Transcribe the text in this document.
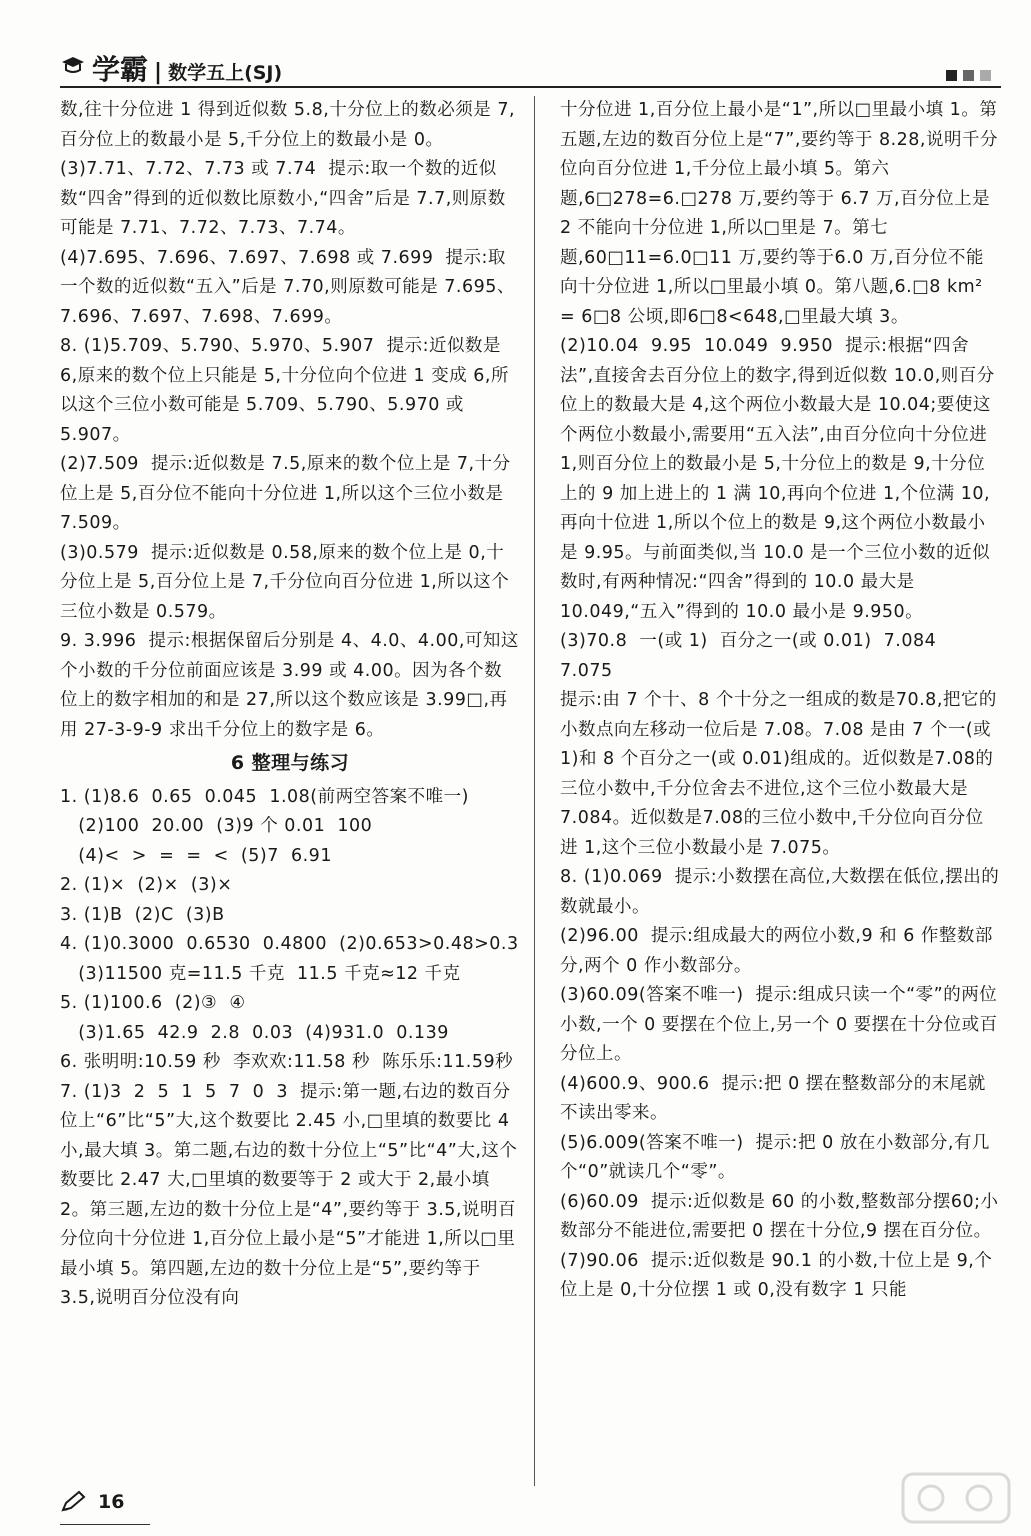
学霸 | 数学五上(SJ)

数,往十分位进 1 得到近似数 5.8,十分位上的数必须是 7,百分位上的数最小是 5,千分位上的数最小是 0。

(3)7.71、7.72、7.73 或 7.74  提示:取一个数的近似数“四舍”得到的近似数比原数小,“四舍”后是 7.7,则原数可能是 7.71、7.72、7.73、7.74。

(4)7.695、7.696、7.697、7.698 或 7.699  提示:取一个数的近似数“五入”后是 7.70,则原数可能是 7.695、7.696、7.697、7.698、7.699。

8. (1)5.709、5.790、5.970、5.907  提示:近似数是 6,原来的数个位上只能是 5,十分位向个位进 1 变成 6,所以这个三位小数可能是 5.709、5.790、5.970 或 5.907。

(2)7.509  提示:近似数是 7.5,原来的数个位上是 7,十分位上是 5,百分位不能向十分位进 1,所以这个三位小数是 7.509。

(3)0.579  提示:近似数是 0.58,原来的数个位上是 0,十分位上是 5,百分位上是 7,千分位向百分位进 1,所以这个三位小数是 0.579。

9. 3.996  提示:根据保留后分别是 4、4.0、4.00,可知这个小数的千分位前面应该是 3.99 或 4.00。因为各个数位上的数字相加的和是 27,所以这个数应该是 3.99□,再用 27-3-9-9 求出千分位上的数字是 6。

6 整理与练习

1. (1)8.6  0.65  0.045  1.08(前两空答案不唯一)

(2)100  20.00  (3)9 个 0.01  100

(4)<  >  =  =  <  (5)7  6.91

2. (1)×  (2)×  (3)×

3. (1)B  (2)C  (3)B

4. (1)0.3000  0.6530  0.4800  (2)0.653>0.48>0.3

(3)11500 克=11.5 千克  11.5 千克≈12 千克

5. (1)100.6  (2)③  ④

(3)1.65  42.9  2.8  0.03  (4)931.0  0.139

6. 张明明:10.59 秒  李欢欢:11.58 秒  陈乐乐:11.59秒

7. (1)3  2  5  1  5  7  0  3  提示:第一题,右边的数百分位上“6”比“5”大,这个数要比 2.45 小,□里填的数要比 4 小,最大填 3。第二题,右边的数十分位上“5”比“4”大,这个数要比 2.47 大,□里填的数要等于 2 或大于 2,最小填 2。第三题,左边的数十分位上是“4”,要约等于 3.5,说明百分位向十分位进 1,百分位上最小是“5”才能进 1,所以□里最小填 5。第四题,左边的数十分位上是“5”,要约等于 3.5,说明百分位没有向

十分位进 1,百分位上最小是“1”,所以□里最小填 1。第五题,左边的数百分位上是“7”,要约等于 8.28,说明千分位向百分位进 1,千分位上最小填 5。第六题,6□278=6.□278 万,要约等于 6.7 万,百分位上是 2 不能向十分位进 1,所以□里是 7。第七题,60□11=6.0□11 万,要约等于6.0 万,百分位不能向十分位进 1,所以□里最小填 0。第八题,6.□8 km² = 6□8 公顷,即6□8<648,□里最大填 3。

(2)10.04  9.95  10.049  9.950  提示:根据“四舍法”,直接舍去百分位上的数字,得到近似数 10.0,则百分位上的数最大是 4,这个两位小数最大是 10.04;要使这个两位小数最小,需要用“五入法”,由百分位向十分位进 1,则百分位上的数最小是 5,十分位上的数是 9,十分位上的 9 加上进上的 1 满 10,再向个位进 1,个位满 10,再向十位进 1,所以个位上的数是 9,这个两位小数最小是 9.95。与前面类似,当 10.0 是一个三位小数的近似数时,有两种情况:“四舍”得到的 10.0 最大是 10.049,“五入”得到的 10.0 最小是 9.950。

(3)70.8  一(或 1)  百分之一(或 0.01)  7.084  7.075

提示:由 7 个十、8 个十分之一组成的数是70.8,把它的小数点向左移动一位后是 7.08。7.08 是由 7 个一(或 1)和 8 个百分之一(或 0.01)组成的。近似数是7.08的三位小数中,千分位舍去不进位,这个三位小数最大是 7.084。近似数是7.08的三位小数中,千分位向百分位进 1,这个三位小数最小是 7.075。

8. (1)0.069  提示:小数摆在高位,大数摆在低位,摆出的数就最小。

(2)96.00  提示:组成最大的两位小数,9 和 6 作整数部分,两个 0 作小数部分。

(3)60.09(答案不唯一)  提示:组成只读一个“零”的两位小数,一个 0 要摆在个位上,另一个 0 要摆在十分位或百分位上。

(4)600.9、900.6  提示:把 0 摆在整数部分的末尾就不读出零来。

(5)6.009(答案不唯一)  提示:把 0 放在小数部分,有几个“0”就读几个“零”。

(6)60.09  提示:近似数是 60 的小数,整数部分摆60;小数部分不能进位,需要把 0 摆在十分位,9 摆在百分位。

(7)90.06  提示:近似数是 90.1 的小数,十位上是 9,个位上是 0,十分位摆 1 或 0,没有数字 1 只能

16
